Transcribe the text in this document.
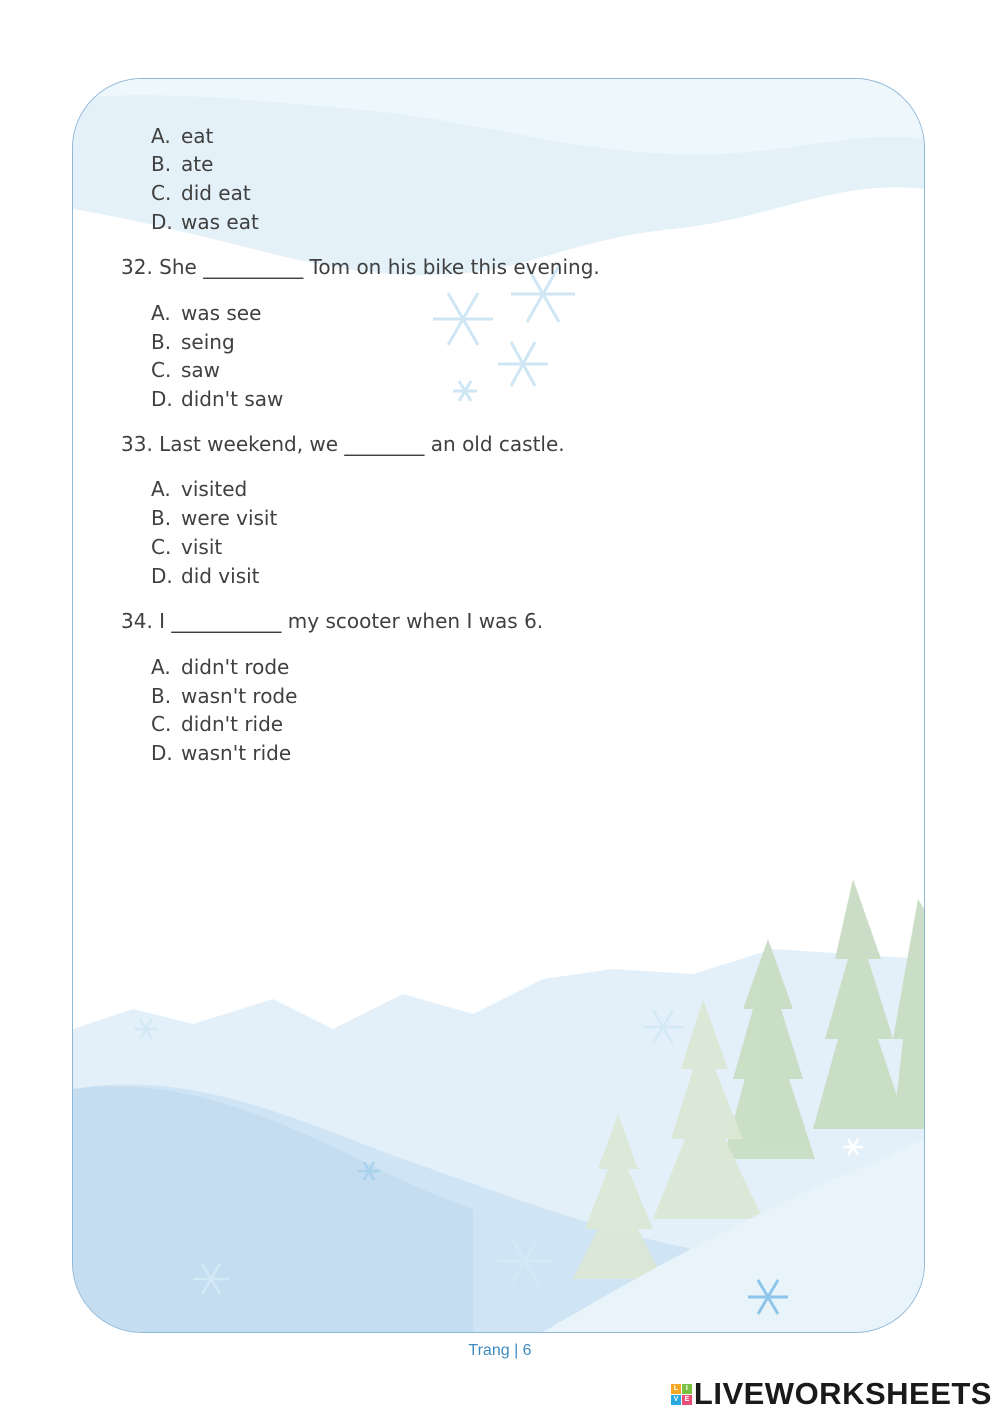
A. eat
B. ate
C. did eat
D. was eat
32. She __________ Tom on his bike this evening.
A. was see
B. seing
C. saw
D. didn't saw
33. Last weekend, we ________ an old castle.
A. visited
B. were visit
C. visit
D. did visit
34. I ___________ my scooter when I was 6.
A. didn't rode
B. wasn't rode
C. didn't ride
D. wasn't ride
Trang | 6
L	I
V E LIVEWORKSHEETS
